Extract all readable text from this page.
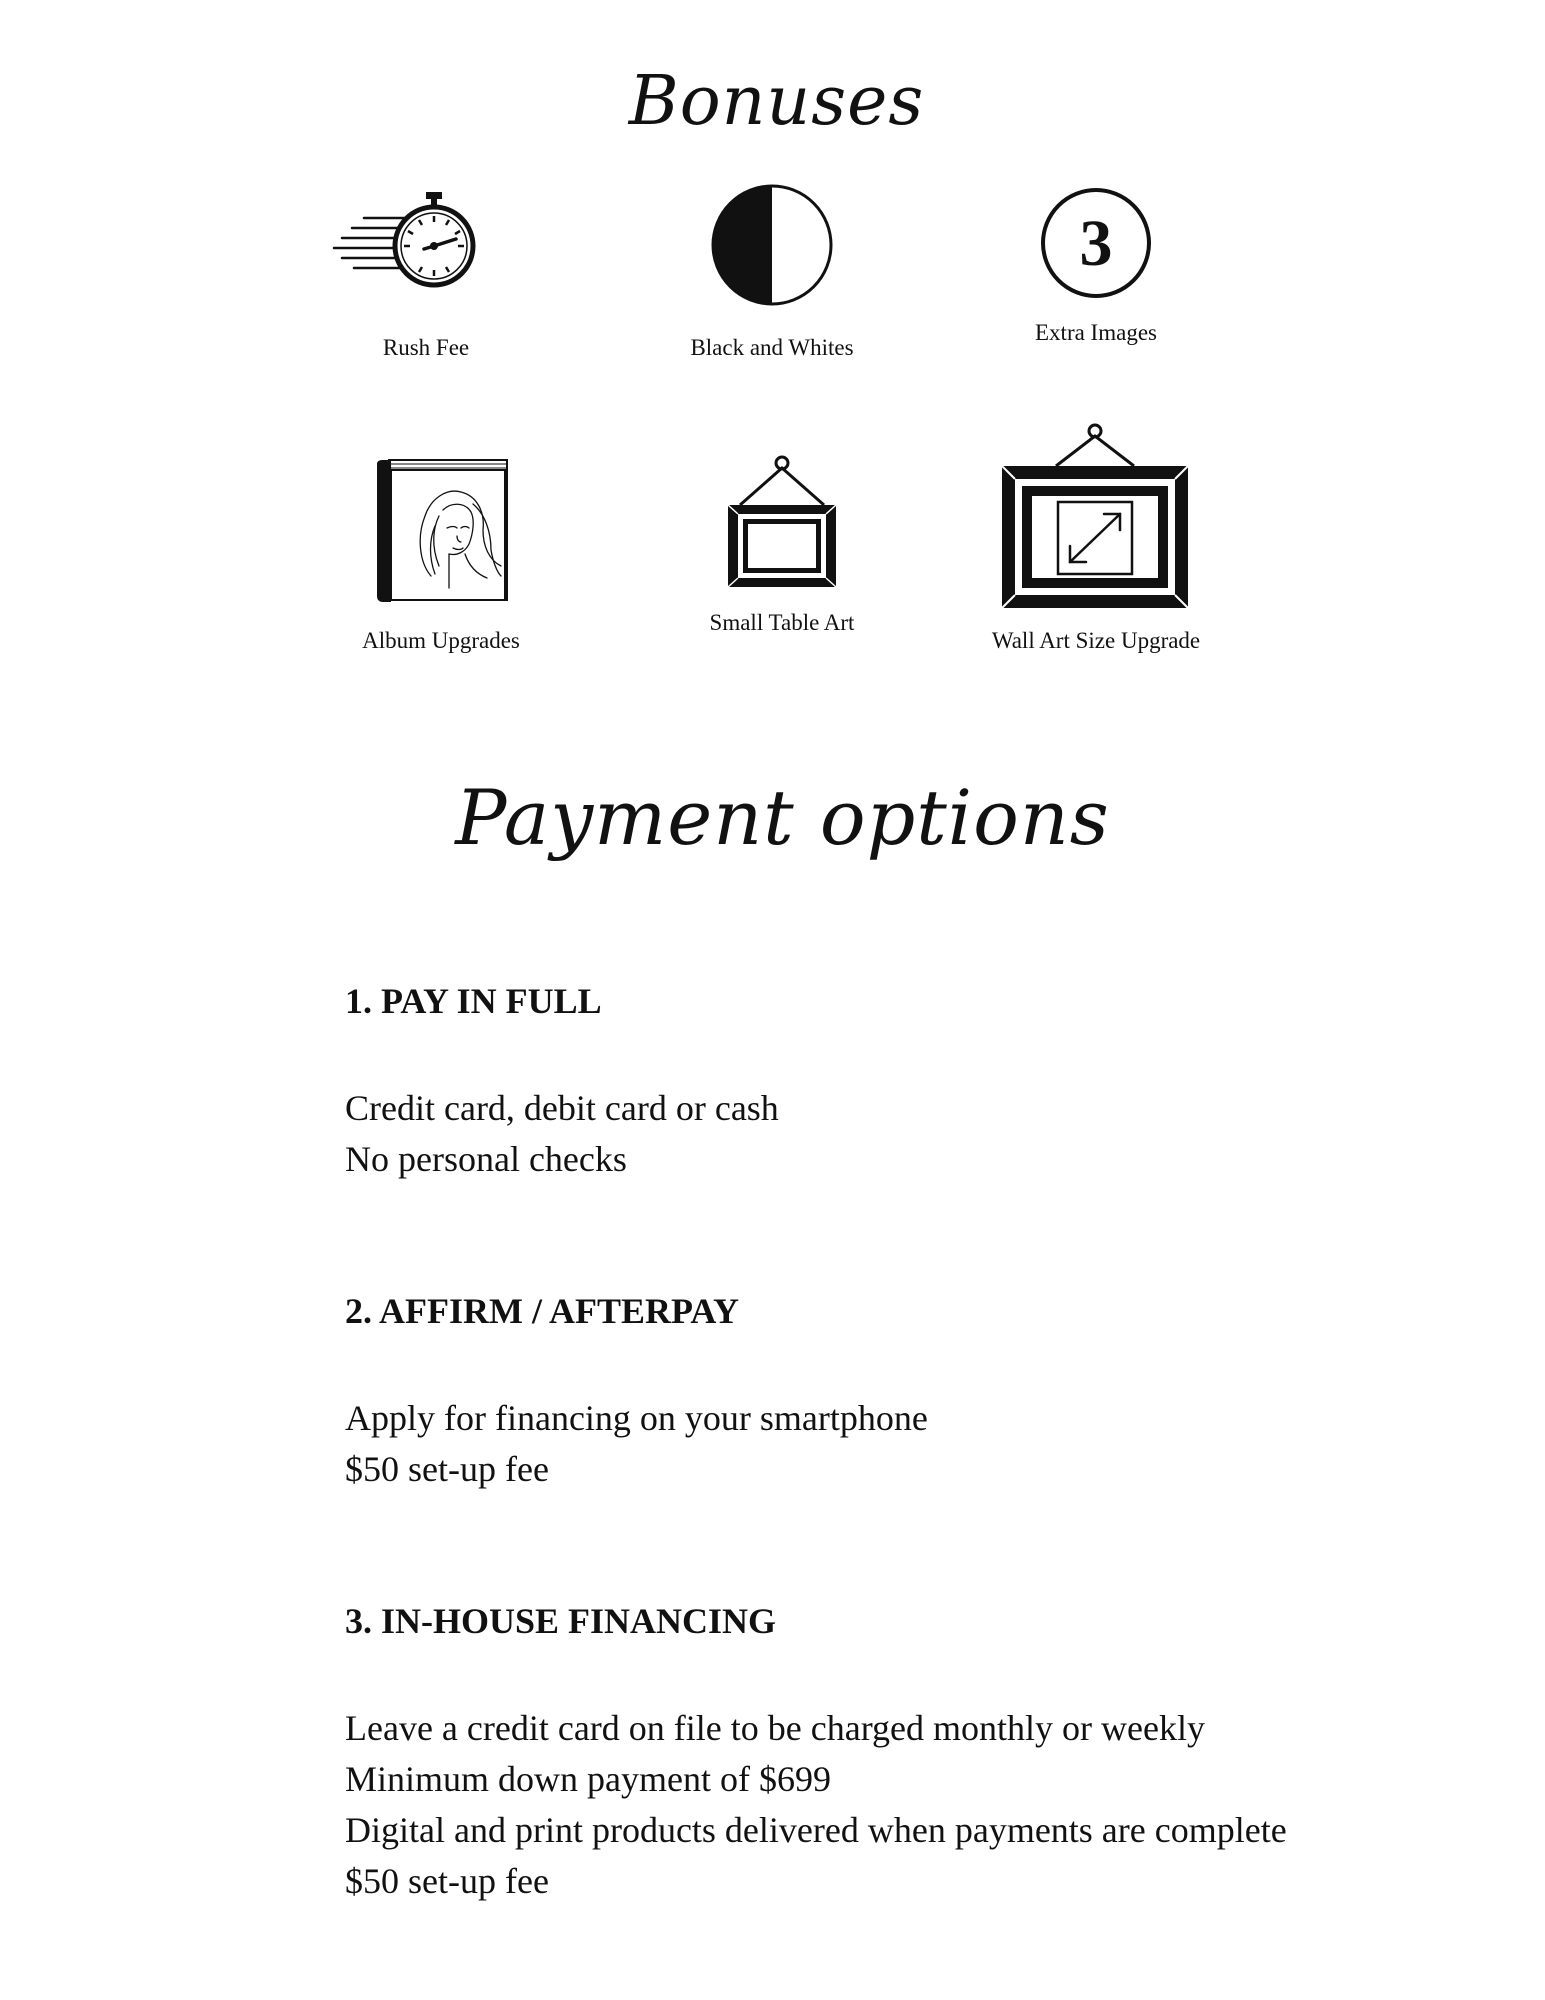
Bonuses
Rush Fee	Black and Whites
3
Extra Images
Album Upgrades
Small Table Art
Wall Art Size Upgrade
Payment options
1. PAY IN FULL
Credit card, debit card or cash
No personal checks
2. AFFIRM / AFTERPAY
Apply for financing on your smartphone
$50 set-up fee
3. IN-HOUSE FINANCING
Leave a credit card on file to be charged monthly or weekly
Minimum down payment of $699
Digital and print products delivered when payments are complete
$50 set-up fee
